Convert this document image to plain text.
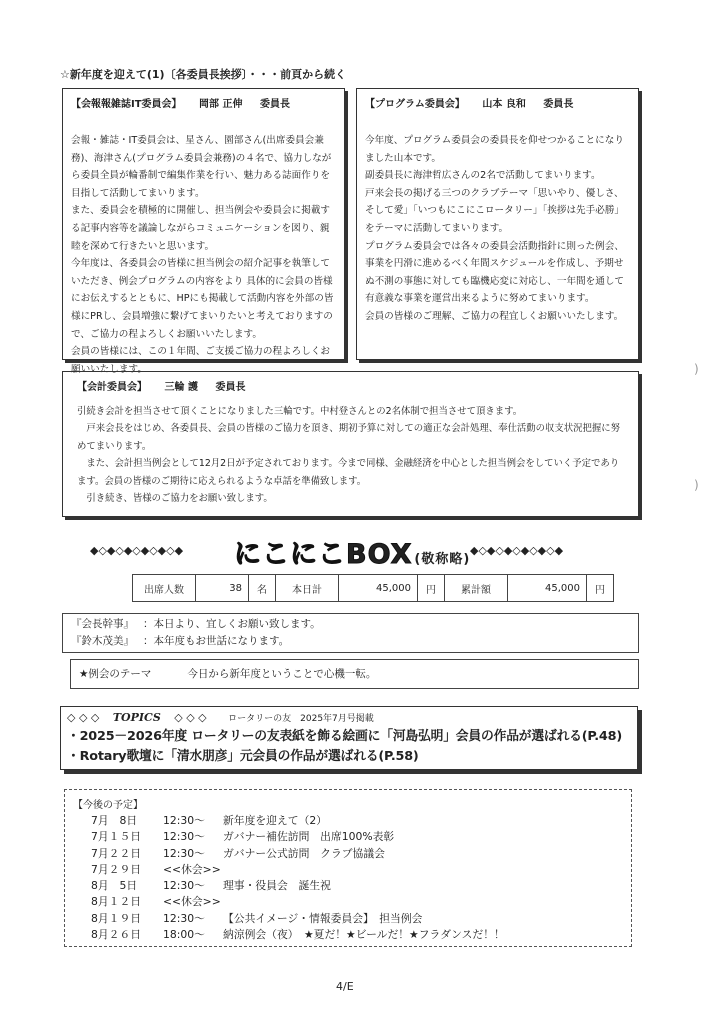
☆新年度を迎えて(1)〔各委員長挨拶〕・・・前頁から続く
【会報報雑誌IT委員会】 岡部 正伸 委員長

会報・雑誌・IT委員会は、星さん、園部さん(出席委員会兼務)、海津さん(プログラム委員会兼務)の４名で、協力しながら委員全員が輪番制で編集作業を行い、魅力ある誌面作りを目指して活動してまいります。

また、委員会を積極的に開催し、担当例会や委員会に掲載する記事内容等を議論しながらコミュニケーションを図り、親睦を深めて行きたいと思います。

今年度は、各委員会の皆様に担当例会の紹介記事を執筆していただき、例会プログラムの内容をより 具体的に会員の皆様にお伝えするとともに、HPにも掲載して活動内容を外部の皆様にPRし、会員増強に繋げてまいりたいと考えておりますので、ご協力の程よろしくお願いいたします。

会員の皆様には、この１年間、ご支援ご協力の程よろしくお願いいたします。

【プログラム委員会】 山本 良和 委員長

今年度、プログラム委員会の委員長を仰せつかることになりました山本です。

副委員長に海津哲広さんの2名で活動してまいります。

戸来会長の掲げる三つのクラブテーマ「思いやり、優しさ、そして愛」「いつもにこにこロータリー」「挨拶は先手必勝」をテーマに活動してまいります。

プログラム委員会では各々の委員会活動指針に則った例会、事業を円滑に進めるべく年間スケジュールを作成し、予期せぬ不測の事態に対しても臨機応変に対応し、一年間を通して有意義な事業を運営出来るように努めてまいります。

会員の皆様のご理解、ご協力の程宜しくお願いいたします。

)
【会計委員会】 三輪 護 委員長

引続き会計を担当させて頂くことになりました三輪です。中村登さんとの2名体制で担当させて頂きます。

　戸来会長をはじめ、各委員長、会員の皆様のご協力を頂き、期初予算に対しての適正な会計処理、奉仕活動の収支状況把握に努めてまいります。

　また、会計担当例会として12月2日が予定されております。今まで同様、金融経済を中心とした担当例会をしていく予定であります。会員の皆様のご期待に応えられるような卓話を準備致します。

　引き続き、皆様のご協力をお願い致します。

)
◆◇◆◇◆◇◆◇◆◇◆ にこにこBOX (敬称略)
◆◇◆◇◆◇◆◇◆◇◆
出席人数	38	名	本日計	45,000	円	累計額	45,000	円
『会長幹事』 ：本日より、宜しくお願い致します。
『鈴木茂美』 ：本年度もお世話になります。
★例会のテーマ	今日から新年度ということで心機一転。
◇ ◇ ◇ TOPICS ◇ ◇ ◇ ロータリーの友　2025年7月号掲載
・2025－2026年度 ロータリーの友表紙を飾る絵画に「河島弘明」会員の作品が選ばれる(P.48)
・Rotary歌壇に「清水朋彦」元会員の作品が選ばれる(P.58)
【今後の予定】
7月　8日 12:30～ 新年度を迎えて（2）
7月１５日 12:30～ ガバナー補佐訪問　出席100%表彰
7月２２日 12:30～ ガバナー公式訪問　クラブ協議会
7月２９日 <<休会>>
8月　5日 12:30～ 理事・役員会　誕生祝
8月１２日 <<休会>>
8月１９日 12:30～ 【公共イメージ・情報委員会】　担当例会
8月２６日 18:00～ 納涼例会（夜）　★夏だ！★ビールだ！★フラダンスだ！！
4/E
